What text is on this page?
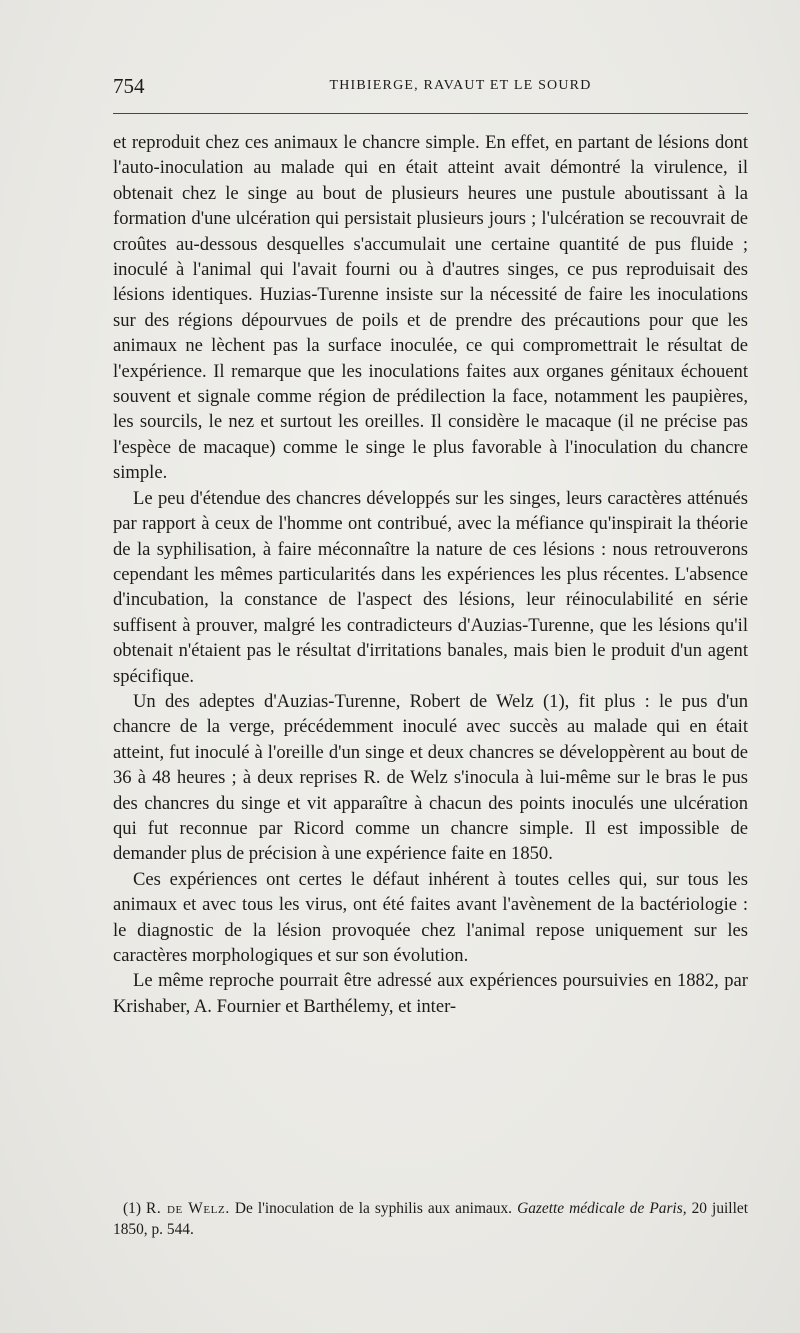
754	THIBIERGE, RAVAUT ET LE SOURD

et reproduit chez ces animaux le chancre simple. En effet, en partant de lésions dont l'auto-inoculation au malade qui en était atteint avait démontré la virulence, il obtenait chez le singe au bout de plusieurs heures une pustule aboutissant à la formation d'une ulcération qui persistait plusieurs jours ; l'ulcération se recouvrait de croûtes au-dessous desquelles s'accumulait une certaine quantité de pus fluide ; inoculé à l'animal qui l'avait fourni ou à d'autres singes, ce pus reproduisait des lésions identiques. Huzias-Turenne insiste sur la nécessité de faire les inoculations sur des régions dépourvues de poils et de prendre des précautions pour que les animaux ne lèchent pas la surface inoculée, ce qui compromettrait le résultat de l'expérience. Il remarque que les inoculations faites aux organes génitaux échouent souvent et signale comme région de prédilection la face, notamment les paupières, les sourcils, le nez et surtout les oreilles. Il considère le macaque (il ne précise pas l'espèce de macaque) comme le singe le plus favorable à l'inoculation du chancre simple.

Le peu d'étendue des chancres développés sur les singes, leurs caractères atténués par rapport à ceux de l'homme ont contribué, avec la méfiance qu'inspirait la théorie de la syphilisation, à faire méconnaître la nature de ces lésions : nous retrouverons cependant les mêmes particularités dans les expériences les plus récentes. L'absence d'incubation, la constance de l'aspect des lésions, leur réinoculabilité en série suffisent à prouver, malgré les contradicteurs d'Auzias-Turenne, que les lésions qu'il obtenait n'étaient pas le résultat d'irritations banales, mais bien le produit d'un agent spécifique.

Un des adeptes d'Auzias-Turenne, Robert de Welz (1), fit plus : le pus d'un chancre de la verge, précédemment inoculé avec succès au malade qui en était atteint, fut inoculé à l'oreille d'un singe et deux chancres se développèrent au bout de 36 à 48 heures ; à deux reprises R. de Welz s'inocula à lui-même sur le bras le pus des chancres du singe et vit apparaître à chacun des points inoculés une ulcération qui fut reconnue par Ricord comme un chancre simple. Il est impossible de demander plus de précision à une expérience faite en 1850.

Ces expériences ont certes le défaut inhérent à toutes celles qui, sur tous les animaux et avec tous les virus, ont été faites avant l'avènement de la bactériologie : le diagnostic de la lésion provoquée chez l'animal repose uniquement sur les caractères morphologiques et sur son évolution.

Le même reproche pourrait être adressé aux expériences poursuivies en 1882, par Krishaber, A. Fournier et Barthélemy, et inter-

(1) R. de Welz. De l'inoculation de la syphilis aux animaux. Gazette médicale de Paris, 20 juillet 1850, p. 544.
